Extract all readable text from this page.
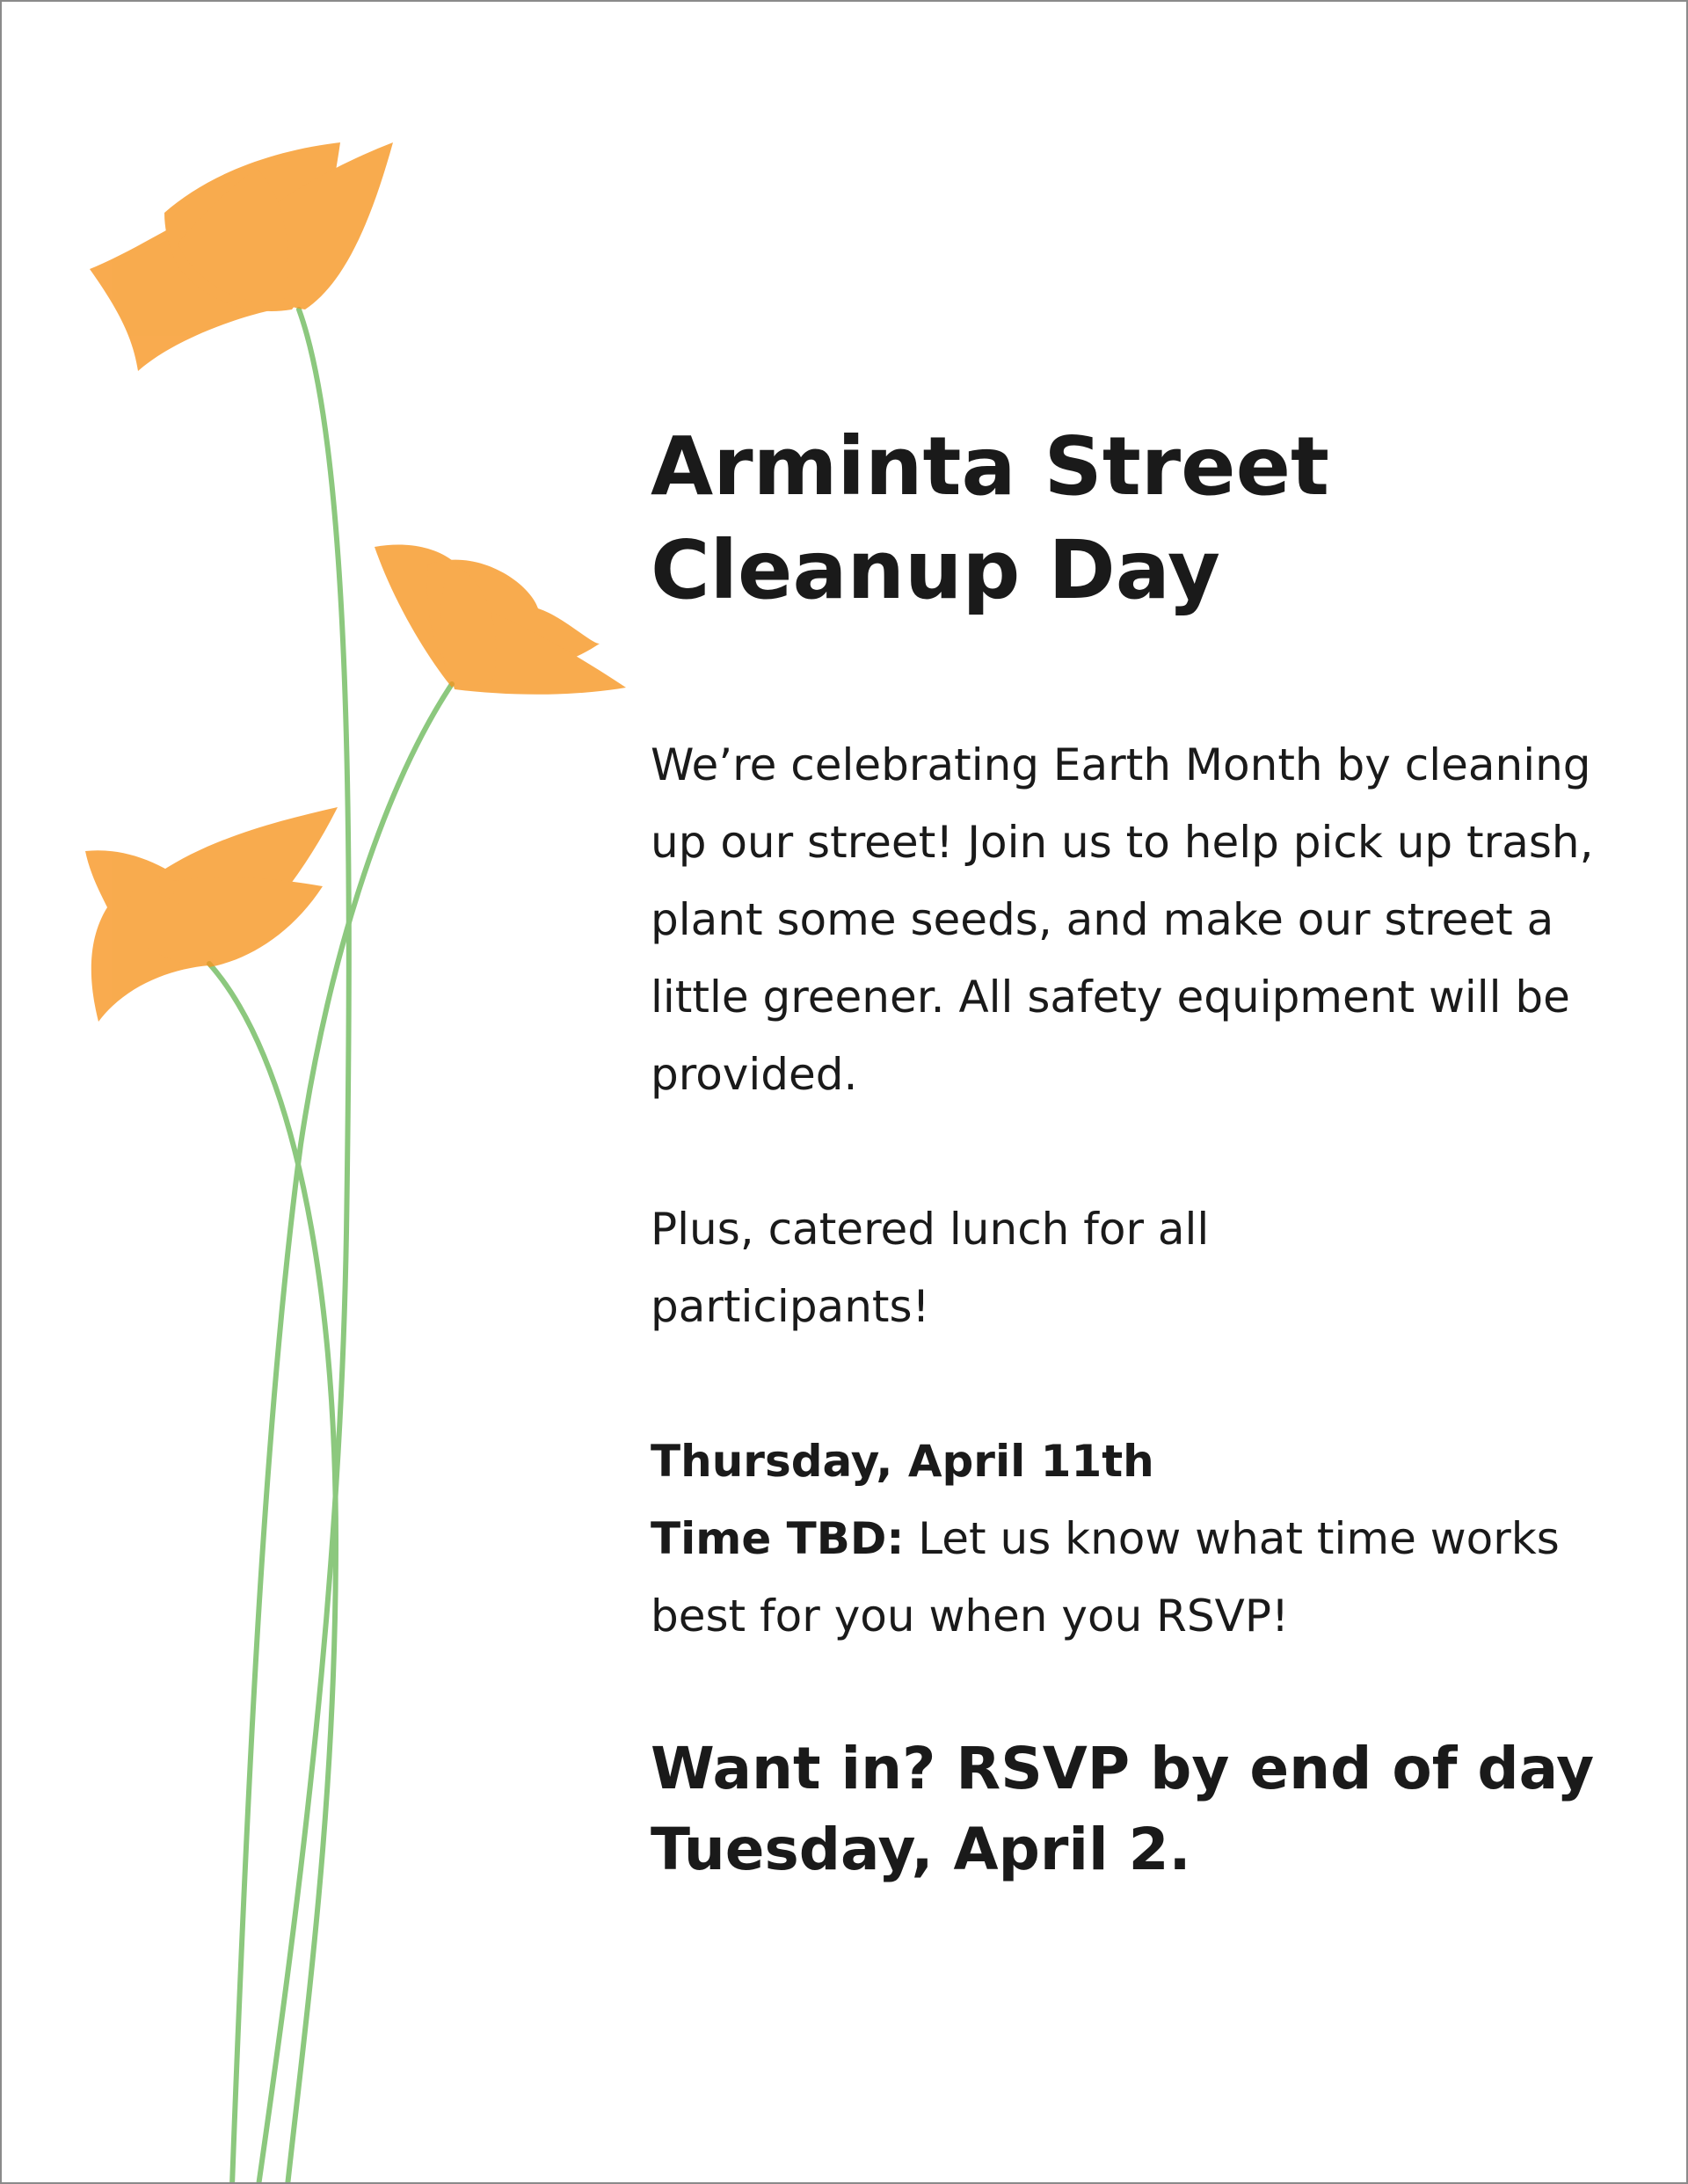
Arminta Street
Cleanup Day

We’re celebrating Earth Month by cleaning up our street! Join us to help pick up trash, plant some seeds, and make our street a little greener. All safety equipment will be provided.

Plus, catered lunch for all participants!

Thursday, April 11th
Time TBD: Let us know what time works best for you when you RSVP!

Want in? RSVP by end of day Tuesday, April 2.
